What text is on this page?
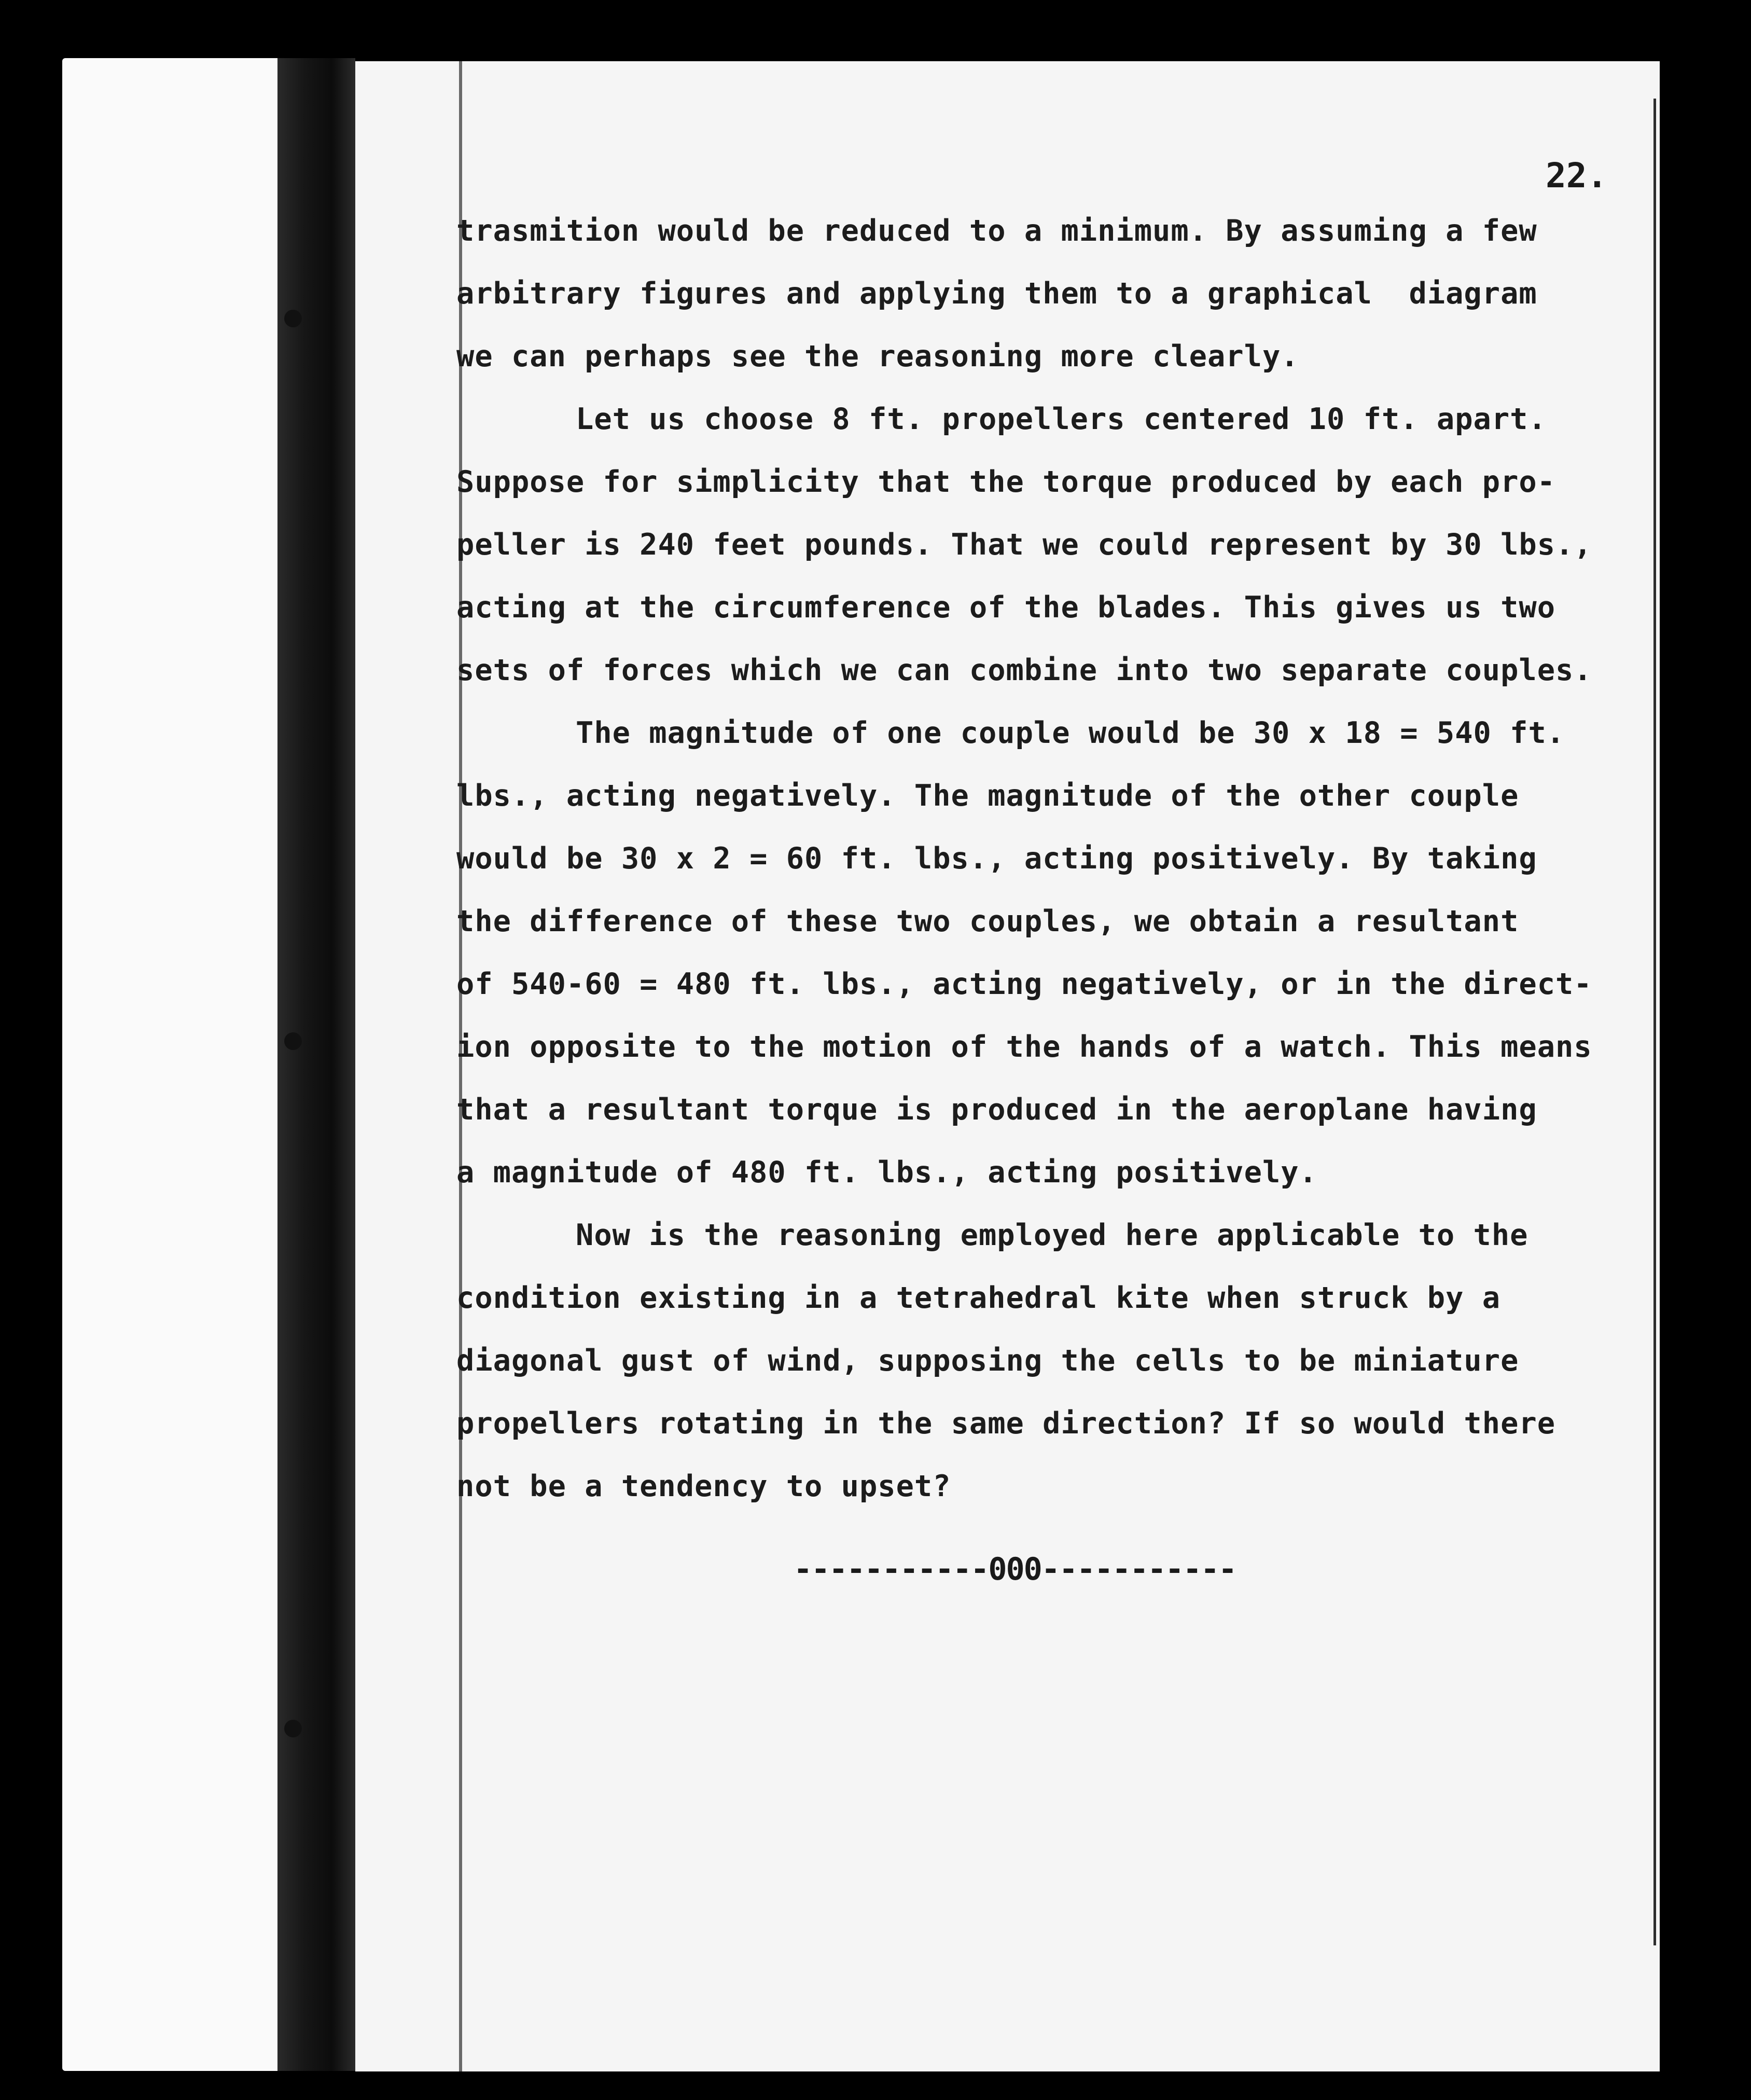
22.
trasmition would be reduced to a minimum. By assuming a few
arbitrary figures and applying them to a graphical  diagram
we can perhaps see the reasoning more clearly.
Let us choose 8 ft. propellers centered 10 ft. apart.
Suppose for simplicity that the torque produced by each pro-
peller is 240 feet pounds. That we could represent by 30 lbs.,
acting at the circumference of the blades. This gives us two
sets of forces which we can combine into two separate couples.
The magnitude of one couple would be 30 x 18 = 540 ft.
lbs., acting negatively. The magnitude of the other couple
would be 30 x 2 = 60 ft. lbs., acting positively. By taking
the difference of these two couples, we obtain a resultant
of 540-60 = 480 ft. lbs., acting negatively, or in the direct-
ion opposite to the motion of the hands of a watch. This means
that a resultant torque is produced in the aeroplane having
a magnitude of 480 ft. lbs., acting positively.
Now is the reasoning employed here applicable to the
condition existing in a tetrahedral kite when struck by a
diagonal gust of wind, supposing the cells to be miniature
propellers rotating in the same direction? If so would there
not be a tendency to upset?
-----------000-----------
